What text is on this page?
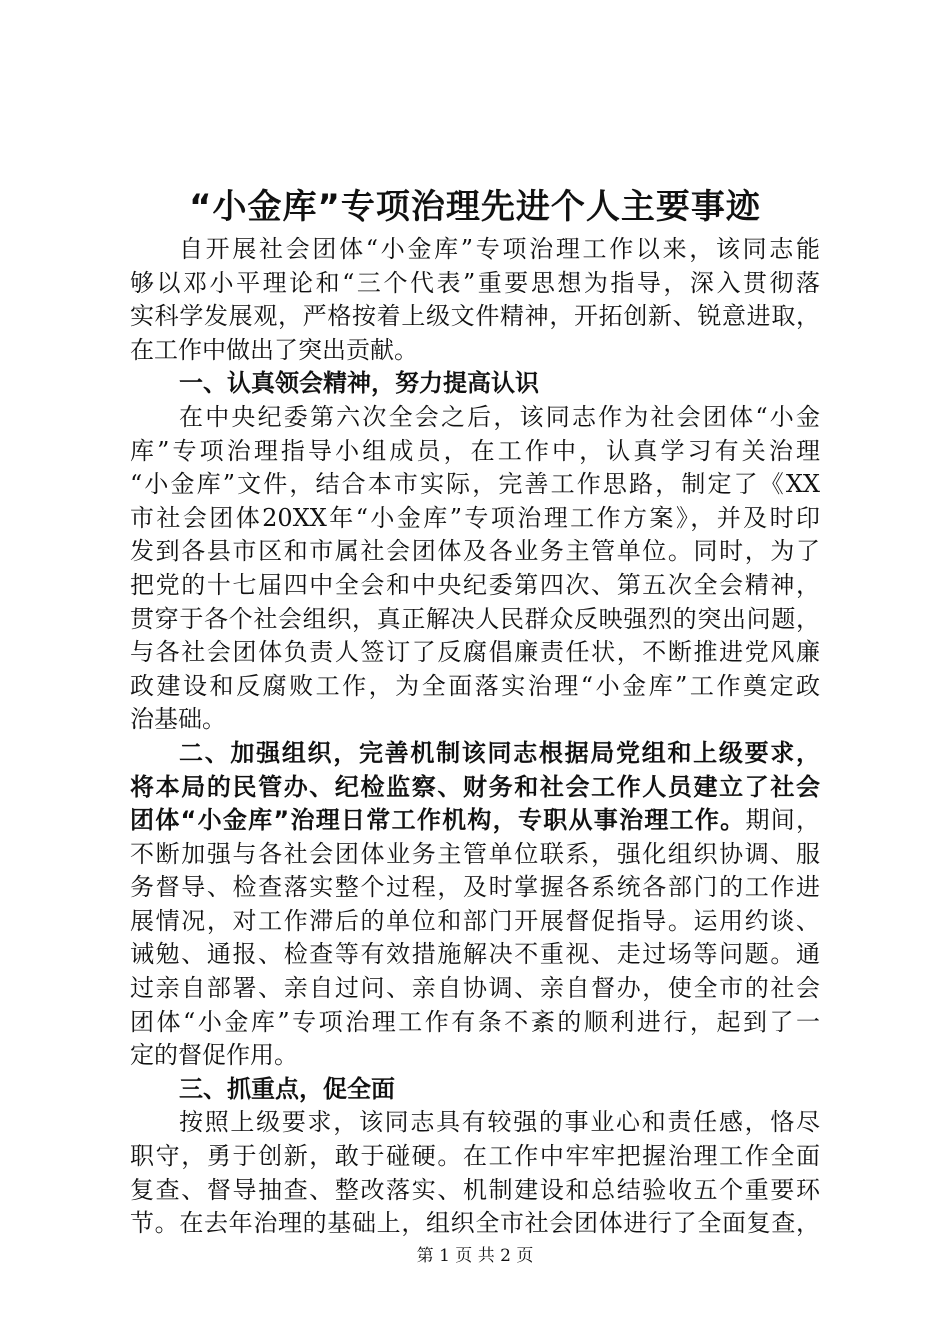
“小金库”专项治理先进个人主要事迹
自开展社会团体“小金库”专项治理工作以来，该同志能
够以邓小平理论和“三个代表”重要思想为指导，深入贯彻落
实科学发展观，严格按着上级文件精神，开拓创新、锐意进取，
在工作中做出了突出贡献。
一、认真领会精神，努力提高认识
在中央纪委第六次全会之后，该同志作为社会团体“小金
库”专项治理指导小组成员，在工作中，认真学习有关治理
“小金库”文件，结合本市实际，完善工作思路，制定了《XX
市社会团体20XX年“小金库”专项治理工作方案》，并及时印
发到各县市区和市属社会团体及各业务主管单位。同时，为了
把党的十七届四中全会和中央纪委第四次、第五次全会精神，
贯穿于各个社会组织，真正解决人民群众反映强烈的突出问题，
与各社会团体负责人签订了反腐倡廉责任状，不断推进党风廉
政建设和反腐败工作，为全面落实治理“小金库”工作奠定政
治基础。
二、加强组织，完善机制该同志根据局党组和上级要求，
将本局的民管办、纪检监察、财务和社会工作人员建立了社会
团体“小金库”治理日常工作机构，专职从事治理工作。期间，
不断加强与各社会团体业务主管单位联系，强化组织协调、服
务督导、检查落实整个过程，及时掌握各系统各部门的工作进
展情况，对工作滞后的单位和部门开展督促指导。运用约谈、
诫勉、通报、检查等有效措施解决不重视、走过场等问题。通
过亲自部署、亲自过问、亲自协调、亲自督办，使全市的社会
团体“小金库”专项治理工作有条不紊的顺利进行，起到了一
定的督促作用。
三、抓重点，促全面
按照上级要求，该同志具有较强的事业心和责任感，恪尽
职守，勇于创新，敢于碰硬。在工作中牢牢把握治理工作全面
复查、督导抽查、整改落实、机制建设和总结验收五个重要环
节。在去年治理的基础上，组织全市社会团体进行了全面复查，
第 1 页 共 2 页
